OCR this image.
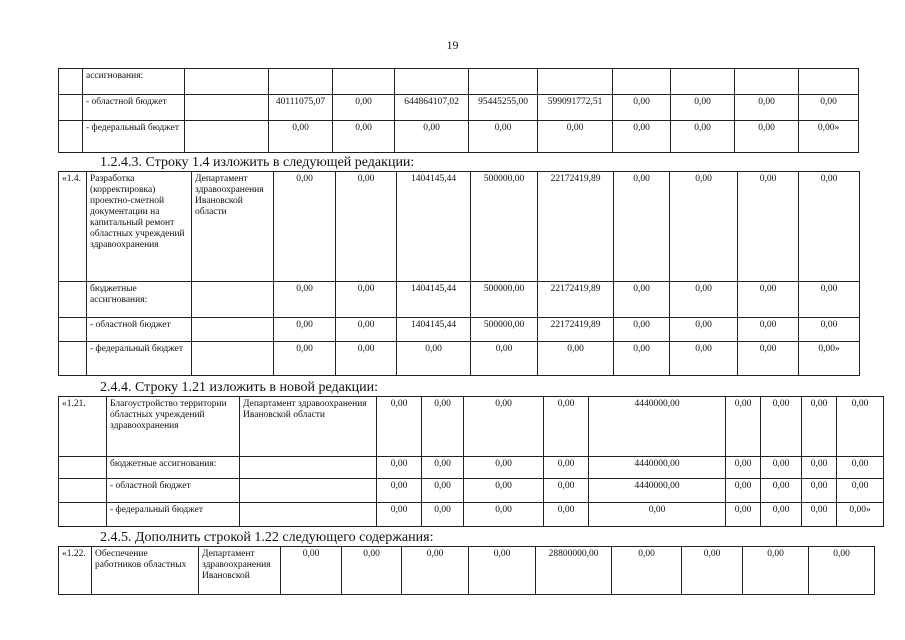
19
	ассигнования:										
	- областной бюджет		40111075,07	0,00	644864107,02	95445255,00	599091772,51	0,00	0,00	0,00	0,00
	- федеральный бюджет		0,00	0,00	0,00	0,00	0,00	0,00	0,00	0,00	0,00»
1.2.4.3. Строку 1.4 изложить в следующей редакции:
«1.4.	Разработка (корректировка) проектно-сметной документации на капитальный ремонт областных учреждений здравоохранения	Департамент здравоохранения Ивановской области	0,00	0,00	1404145,44	500000,00	22172419,89	0,00	0,00	0,00	0,00
	бюджетные ассигнования:		0,00	0,00	1404145,44	500000,00	22172419,89	0,00	0,00	0,00	0,00
	- областной бюджет		0,00	0,00	1404145,44	500000,00	22172419,89	0,00	0,00	0,00	0,00
	- федеральный бюджет		0,00	0,00	0,00	0,00	0,00	0,00	0,00	0,00	0,00»
2.4.4. Строку 1.21 изложить в новой редакции:
«1.21.	Благоустройство территории областных учреждений здравоохранения	Департамент здравоохранения Ивановской области	0,00	0,00	0,00	0,00	4440000,00	0,00	0,00	0,00	0,00
	бюджетные ассигнования:		0,00	0,00	0,00	0,00	4440000,00	0,00	0,00	0,00	0,00
	- областной бюджет		0,00	0,00	0,00	0,00	4440000,00	0,00	0,00	0,00	0,00
	- федеральный бюджет		0,00	0,00	0,00	0,00	0,00	0,00	0,00	0,00	0,00»
2.4.5. Дополнить строкой 1.22 следующего содержания:
«1.22.	Обеспечение работников областных	Департамент здравоохранения Ивановской	0,00	0,00	0,00	0,00	28800000,00	0,00	0,00	0,00	0,00
